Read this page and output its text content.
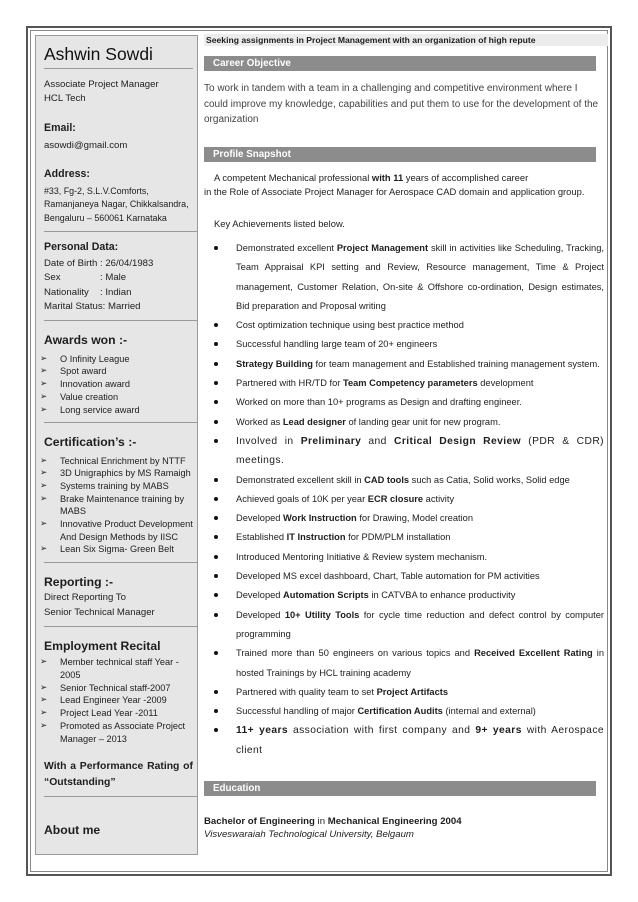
Ashwin Sowdi
Associate Project Manager
HCL Tech
Email:
asowdi@gmail.com
Address:
#33, Fg-2, S.L.V.Comforts,
Ramanjaneya Nagar, Chikkalsandra,
Bengaluru – 560061 Karnataka
Personal Data:
Date of Birth : 26/04/1983
Sex	: Male
Nationality : Indian
Marital Status: Married
Awards won :-
➢ O Infinity League
➢ Spot award
➢ Innovation award
➢ Value creation
➢ Long service award
Certification’s :-
➢ Technical Enrichment by NTTF
➢ 3D Unigraphics by MS Ramaigh
➢ Systems training by MABS
➢ Brake Maintenance training by MABS
➢ Innovative Product Development And Design Methods by IISC
➢ Lean Six Sigma- Green Belt
Reporting :-
Direct Reporting To
Senior Technical Manager
Employment Recital
➢ Member technical staff Year - 2005
➢ Senior Technical staff-2007
➢ Lead Engineer Year -2009
➢ Project Lead Year -2011
➢ Promoted as Associate Project Manager – 2013
With a Performance Rating of “Outstanding”
About me
Seeking assignments in Project Management with an organization of high repute
Career Objective
To work in tandem with a team in a challenging and competitive environment where I could improve my knowledge, capabilities and put them to use for the development of the organization
Profile Snapshot
A competent Mechanical professional with 11 years of accomplished career
in the Role of Associate Project Manager for Aerospace CAD domain and application group.
Key Achievements listed below.
Demonstrated excellent Project Management skill in activities like Scheduling, Tracking, Team Appraisal KPI setting and Review, Resource management, Time & Project management, Customer Relation, On-site & Offshore co-ordination, Design estimates, Bid preparation and Proposal writing
Cost optimization technique using best practice method
Successful handling large team of 20+ engineers
Strategy Building for team management and Established training management system.
Partnered with HR/TD for Team Competency parameters development
Worked on more than 10+ programs as Design and drafting engineer.
Worked as Lead designer of landing gear unit for new program.
Involved in Preliminary and Critical Design Review (PDR & CDR) meetings.
Demonstrated excellent skill in CAD tools such as Catia, Solid works, Solid edge
Achieved goals of 10K per year ECR closure activity
Developed Work Instruction for Drawing, Model creation
Established IT Instruction for PDM/PLM installation
Introduced Mentoring Initiative & Review system mechanism.
Developed MS excel dashboard, Chart, Table automation for PM activities
Developed Automation Scripts in CATVBA to enhance productivity
Developed 10+ Utility Tools for cycle time reduction and defect control by computer programming
Trained more than 50 engineers on various topics and Received Excellent Rating in hosted Trainings by HCL training academy
Partnered with quality team to set Project Artifacts
Successful handling of major Certification Audits (internal and external)
11+ years association with first company and 9+ years with Aerospace client
Education
Bachelor of Engineering in Mechanical Engineering 2004
Visveswaraiah Technological University, Belgaum
